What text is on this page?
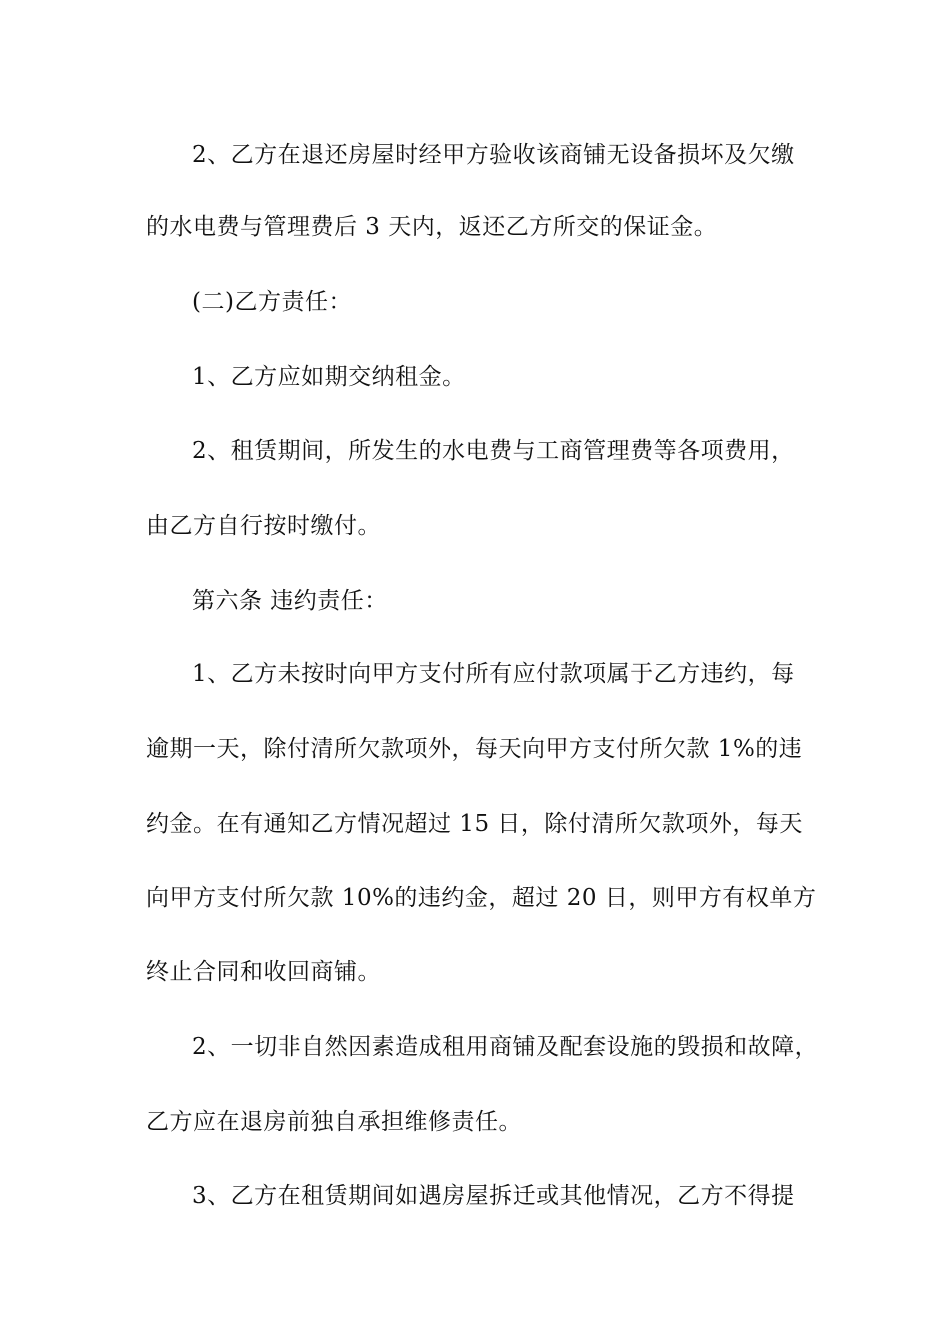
2、乙方在退还房屋时经甲方验收该商铺无设备损坏及欠缴
的水电费与管理费后 3 天内，返还乙方所交的保证金。
(二)乙方责任：
1、乙方应如期交纳租金。
2、租赁期间，所发生的水电费与工商管理费等各项费用，
由乙方自行按时缴付。
第六条 违约责任：
1、乙方未按时向甲方支付所有应付款项属于乙方违约，每
逾期一天，除付清所欠款项外，每天向甲方支付所欠款 1%的违
约金。在有通知乙方情况超过 15 日，除付清所欠款项外，每天
向甲方支付所欠款 10%的违约金，超过 20 日，则甲方有权单方
终止合同和收回商铺。
2、一切非自然因素造成租用商铺及配套设施的毁损和故障，
乙方应在退房前独自承担维修责任。
3、乙方在租赁期间如遇房屋拆迁或其他情况，乙方不得提
